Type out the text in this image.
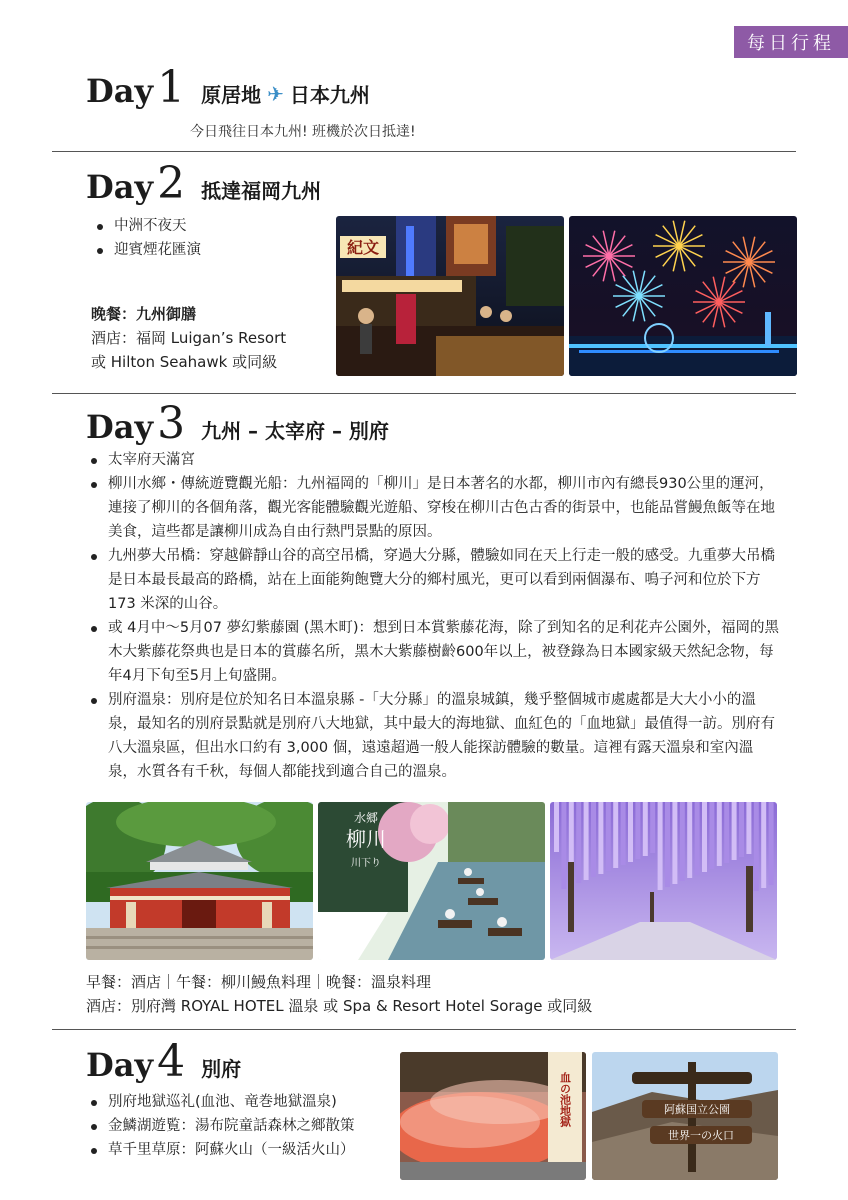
每日行程
Day 1 原居地 ✈ 日本九州
今日飛往日本九州! 班機於次日抵達!
Day 2 抵達福岡九州
中洲不夜天
迎賓煙花匯演
晚餐：九州御膳
酒店：福岡 Luigan’s Resort
或 Hilton Seahawk 或同級
紀文
Day 3 九州 – 太宰府 – 別府
太宰府天滿宮
柳川水鄉・傳統遊覽觀光船：九州福岡的「柳川」是日本著名的水都，柳川市內有總長930公里的運河，連接了柳川的各個角落，觀光客能體驗觀光遊船、穿梭在柳川古色古香的街景中，也能品嘗鰻魚飯等在地美食，這些都是讓柳川成為自由行熱門景點的原因。
九州夢大吊橋：穿越僻靜山谷的高空吊橋，穿過大分縣，體驗如同在天上行走一般的感受。九重夢大吊橋是日本最長最高的路橋，站在上面能夠飽覽大分的鄉村風光，更可以看到兩個瀑布、鳴子河和位於下方 173 米深的山谷。
或 4月中～5月07 夢幻紫藤園 (黑木町)：想到日本賞紫藤花海，除了到知名的足利花卉公園外，福岡的黑木大紫藤花祭典也是日本的賞藤名所，黑木大紫藤樹齡600年以上，被登錄為日本國家級天然紀念物，每年4月下旬至5月上旬盛開。
別府溫泉：別府是位於知名日本溫泉縣 -「大分縣」的溫泉城鎮，幾乎整個城市處處都是大大小小的溫泉，最知名的別府景點就是別府八大地獄，其中最大的海地獄、血紅色的「血地獄」最值得一訪。別府有八大溫泉區，但出水口約有 3,000 個，遠遠超過一般人能探訪體驗的數量。這裡有露天溫泉和室內溫泉，水質各有千秋，每個人都能找到適合自己的溫泉。
水郷
柳川
川下り
早餐：酒店｜午餐：柳川鰻魚料理｜晚餐：溫泉料理
酒店：別府灣 ROYAL HOTEL 溫泉 或 Spa & Resort Hotel Sorage 或同級
Day 4 別府
別府地獄巡礼(血池、竜巻地獄溫泉)
金鱗湖遊覧：湯布院童話森林之鄉散策
草千里草原：阿蘇火山（一級活火山）
血の池地獄	阿蘇国立公園
世界一の火口
